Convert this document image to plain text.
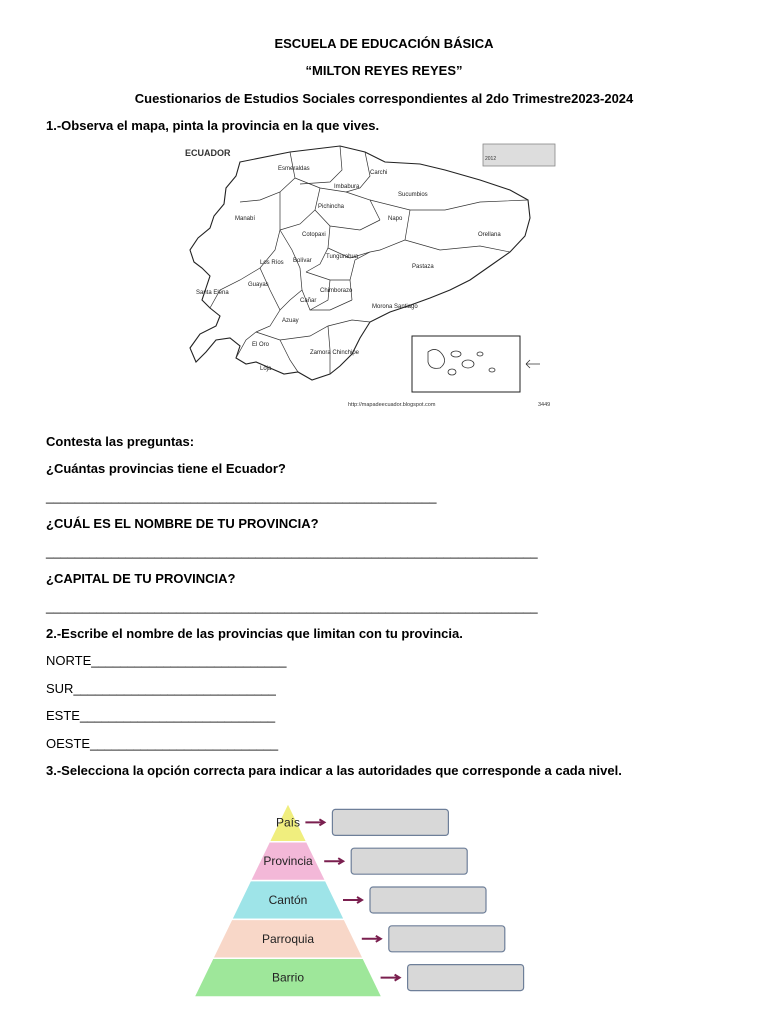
ESCUELA DE EDUCACIÓN BÁSICA
“MILTON REYES REYES”
Cuestionarios de Estudios Sociales correspondientes al 2do Trimestre2023-2024
1.-Observa el mapa, pinta la provincia en la que vives.
ECUADOR
2012
Esmeraldas
Carchi
Imbabura
Sucumbios
Manabí
Pichincha
Napo
Orellana
Cotopaxi
Tungurahua
Los Ríos Bolívar
Pastaza
Guayas
Chimborazo
Santa Elena
Cañar
Morona Santiago
Azuay
El Oro
Zamora Chinchipe
Loja
http://mapadeecuador.blogspot.com	3449
Contesta las preguntas:
¿Cuántas provincias tiene el Ecuador?
______________________________________________________
¿CUÁL ES EL NOMBRE DE TU PROVINCIA?
____________________________________________________________________
¿CAPITAL DE TU PROVINCIA?
____________________________________________________________________
2.-Escribe el nombre de las provincias que limitan con tu provincia.
NORTE___________________________
SUR____________________________
ESTE___________________________
OESTE__________________________
3.-Selecciona la opción correcta para indicar a las autoridades que corresponde a cada nivel.
País
Provincia
Cantón
Parroquia
Barrio
